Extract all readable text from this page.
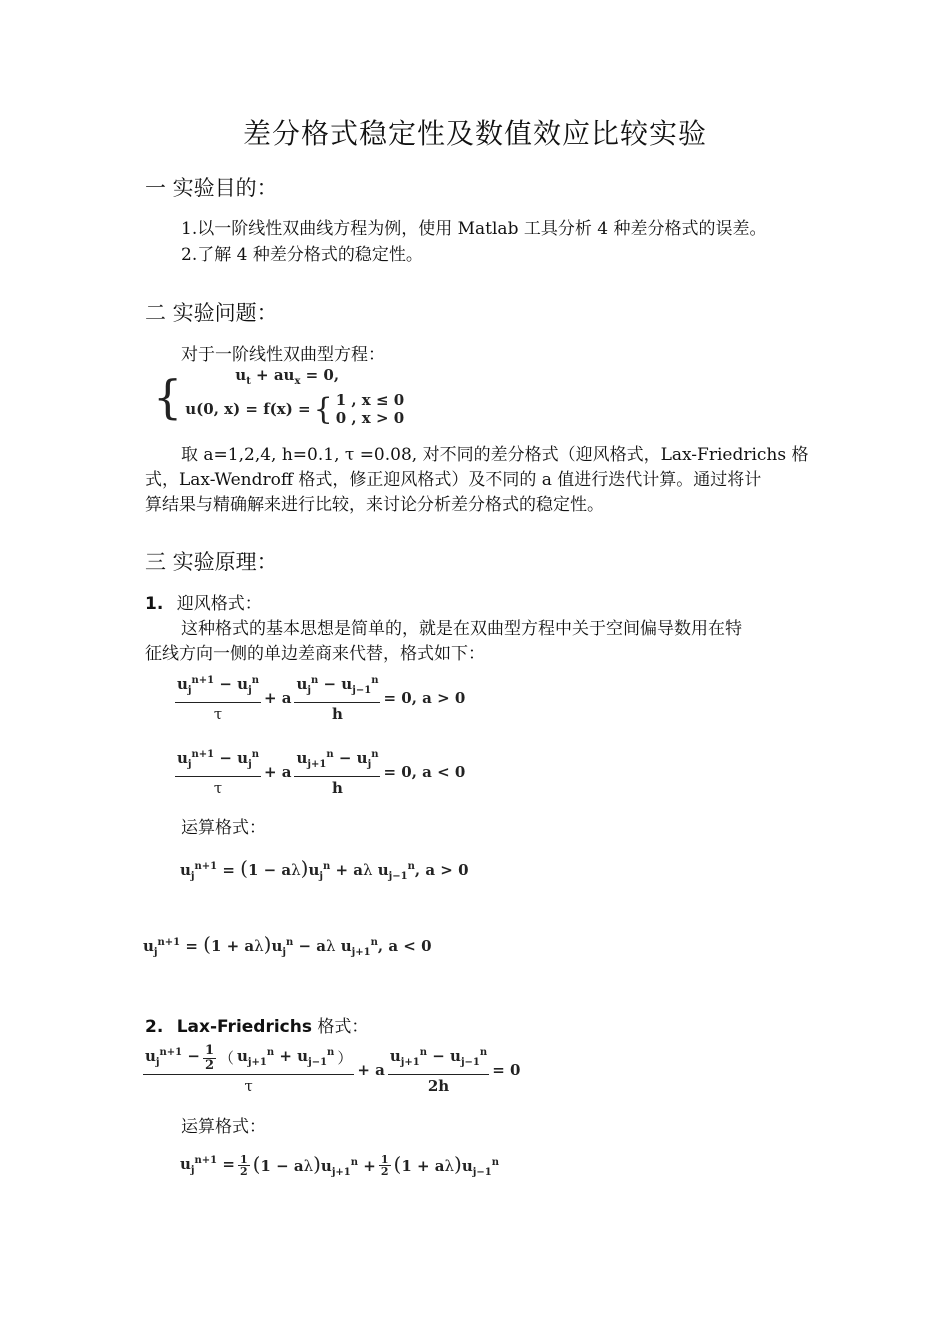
差分格式稳定性及数值效应比较实验
一 实验目的：
1.以一阶线性双曲线方程为例，使用 Matlab 工具分析 4 种差分格式的误差。
2.了解 4 种差分格式的稳定性。
二 实验问题：
对于一阶线性双曲型方程：
{	$u_t + au_x = 0$,
u(0, x) = f(x) = { 1 , x ≤ 0
0 , x > 0
取 a=1,2,4, h=0.1, τ =0.08, 对不同的差分格式（迎风格式，Lax-Friedrichs 格
式，Lax-Wendroff 格式，修正迎风格式）及不同的 a 值进行迭代计算。通过将计
算结果与精确解来进行比较，来讨论分析差分格式的稳定性。
三 实验原理：
1. 迎风格式：
这种格式的基本思想是简单的，就是在双曲型方程中关于空间偏导数用在特
征线方向一侧的单边差商来代替，格式如下：
$\frac{u_j^{n+1} - u_j^n}{\tau} + a \frac{u_j^n - u_{j-1}^n}{h} = 0$, a > 0
$\frac{u_j^{n+1} - u_j^n}{\tau} + a \frac{u_{j+1}^n - u_j^n}{h} = 0$, a < 0
运算格式：
$u_j^{n+1} = (1 - a\lambda)u_j^n + a\lambda$ $u_{j-1}^n$, a > 0
$u_j^{n+1} = (1 + a\lambda)u_j^n - a\lambda$ $u_{j+1}^n$, a < 0
2. Lax-Friedrichs 格式：
$\frac{u_j^{n+1} - \frac{1}{2} ( u_{j+1}^n + u_{j-1}^n )}{\tau} + a \frac{u_{j+1}^n - u_{j-1}^n}{2h} = 0$
运算格式：
$u_j^{n+1} = \frac{1}{2} (1 - a\lambda)u_{j+1}^n + \frac{1}{2} (1 + a\lambda)u_{j-1}^n$
